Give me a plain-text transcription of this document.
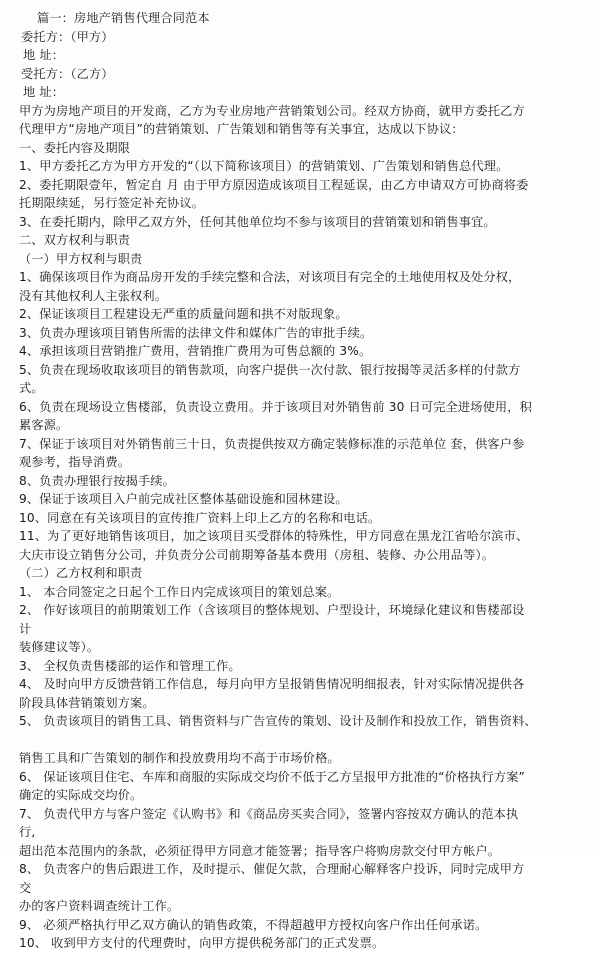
篇一：房地产销售代理合同范本
委托方：（甲方）
地 址：
受托方：（乙方）
地 址：
甲方为房地产项目的开发商，乙方为专业房地产营销策划公司。经双方协商，就甲方委托乙方
代理甲方“房地产项目”的营销策划、广告策划和销售等有关事宜，达成以下协议：
一、委托内容及期限
1、甲方委托乙方为甲方开发的“（以下简称该项目）的营销策划、广告策划和销售总代理。
2、委托期限壹年，暂定自 月 由于甲方原因造成该项目工程延误，由乙方申请双方可协商将委
托期限续延，另行签定补充协议。
3、在委托期内，除甲乙双方外，任何其他单位均不参与该项目的营销策划和销售事宜。
二、双方权利与职责
（一）甲方权利与职责
1、确保该项目作为商品房开发的手续完整和合法，对该项目有完全的土地使用权及处分权，
没有其他权利人主张权利。
2、保证该项目工程建设无严重的质量问题和拱不对版现象。
3、负责办理该项目销售所需的法律文件和媒体广告的审批手续。
4、承担该项目营销推广费用，营销推广费用为可售总额的 3%。
5、负责在现场收取该项目的销售款项，向客户提供一次付款、银行按揭等灵活多样的付款方
式。
6、负责在现场设立售楼部，负责设立费用。并于该项目对外销售前 30 日可完全进场使用，积
累客源。
7、保证于该项目对外销售前三十日，负责提供按双方确定装修标准的示范单位 套，供客户参
观参考，指导消费。
8、负责办理银行按揭手续。
9、保证于该项目入户前完成社区整体基础设施和园林建设。
10、同意在有关该项目的宣传推广资料上印上乙方的名称和电话。
11、为了更好地销售该项目，加之该项目买受群体的特殊性，甲方同意在黑龙江省哈尔滨市、
大庆市设立销售分公司，并负责分公司前期筹备基本费用（房租、装修、办公用品等）。
（二）乙方权利和职责
1、 本合同签定之日起个工作日内完成该项目的策划总案。
2、 作好该项目的前期策划工作（含该项目的整体规划、户型设计，环境绿化建议和售楼部设
计
装修建议等）。
3、 全权负责售楼部的运作和管理工作。
4、 及时向甲方反馈营销工作信息，每月向甲方呈报销售情况明细报表，针对实际情况提供各
阶段具体营销策划方案。
5、 负责该项目的销售工具、销售资料与广告宣传的策划、设计及制作和投放工作，销售资料、
销售工具和广告策划的制作和投放费用均不高于市场价格。
6、 保证该项目住宅、车库和商服的实际成交均价不低于乙方呈报甲方批准的“价格执行方案”
确定的实际成交均价。
7、 负责代甲方与客户签定《认购书》和《商品房买卖合同》，签署内容按双方确认的范本执
行,
超出范本范围内的条款，必须征得甲方同意才能签署；指导客户将购房款交付甲方帐户。
8、 负责客户的售后跟进工作，及时提示、催促欠款，合理耐心解释客户投诉，同时完成甲方
交
办的客户资料调查统计工作。
9、 必须严格执行甲乙双方确认的销售政策，不得超越甲方授权向客户作出任何承诺。
10、 收到甲方支付的代理费时，向甲方提供税务部门的正式发票。
